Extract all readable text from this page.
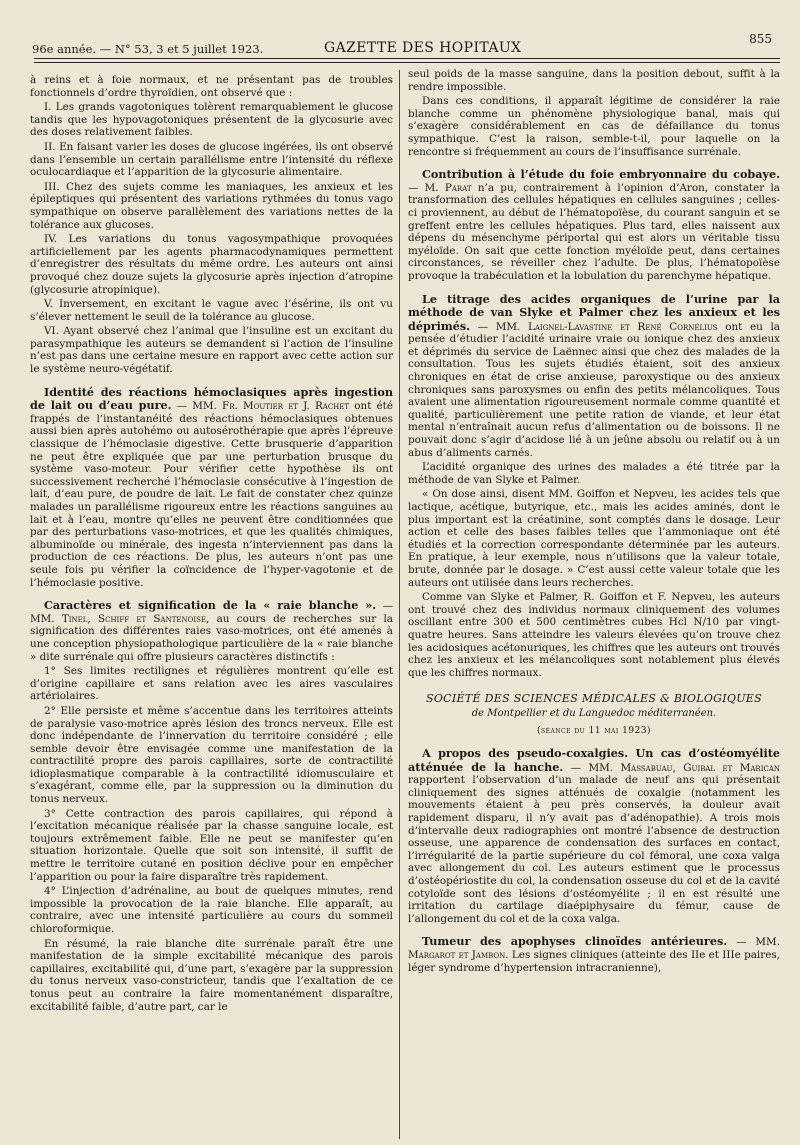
96e année. — N° 53, 3 et 5 juillet 1923.	GAZETTE DES HOPITAUX
855

à reins et à foie normaux, et ne présentant pas de troubles fonctionnels d’ordre thyroïdien, ont observé que :

I. Les grands vagotoniques tolèrent remarquablement le glucose tandis que les hypovagotoniques présentent de la glycosurie avec des doses relativement faibles.

II. En faisant varier les doses de glucose ingérées, ils ont observé dans l’ensemble un certain parallélisme entre l’intensité du réflexe oculocardiaque et l’apparition de la glycosurie alimentaire.

III. Chez des sujets comme les maniaques, les anxieux et les épileptiques qui présentent des variations rythmées du tonus vago sympathique on observe parallèlement des variations nettes de la tolérance aux glucoses.

IV. Les variations du tonus vagosympathique provoquées artificiellement par les agents pharmacodynamiques permettent d’enregistrer des résultats du même ordre. Les auteurs ont ainsi provoqué chez douze sujets la glycosurie après injection d’atropine (glycosurie atropinique).

V. Inversement, en excitant le vague avec l’ésérine, ils ont vu s’élever nettement le seuil de la tolérance au glucose.

VI. Ayant observé chez l’animal que l’insuline est un excitant du parasympathique les auteurs se demandent si l’action de l’insuline n’est pas dans une certaine mesure en rapport avec cette action sur le système neuro-végétatif.

Identité des réactions hémoclasiques après ingestion de lait ou d’eau pure. — MM. Fr. Moutier et J. Rachet ont été frappés de l’instantanéité des réactions hémoclasiques obtenues aussi bien après autohémo ou autosérothérapie que après l’épreuve classique de l’hémoclasie digestive. Cette brusquerie d’apparition ne peut être expliquée que par une perturbation brusque du système vaso-moteur. Pour vérifier cette hypothèse ils ont successivement recherché l’hémoclasie consécutive à l’ingestion de lait, d’eau pure, de poudre de lait. Le fait de constater chez quinze malades un parallélisme rigoureux entre les réactions sanguines au lait et à l’eau, montre qu’elles ne peuvent être conditionnées que par des perturbations vaso-motrices, et que les qualités chimiques, albuminoïde ou minérale, des ingesta n’interviennent pas dans la production de ces réactions. De plus, les auteurs n’ont pas une seule fois pu vérifier la coïncidence de l’hyper-vagotonie et de l’hémoclasie positive.

Caractères et signification de la « raie blanche ». — MM. Tinel, Schiff et Santenoise, au cours de recherches sur la signification des différentes raies vaso-motrices, ont été amenés à une conception physiopathologique particulière de la « raie blanche » dite surrénale qui offre plusieurs caractères distinctifs :

1° Ses limites rectilignes et régulières montrent qu’elle est d’origine capillaire et sans relation avec les aires vasculaires artériolaires.

2° Elle persiste et même s’accentue dans les territoires atteints de paralysie vaso-motrice après lésion des troncs nerveux. Elle est donc indépendante de l’innervation du territoire considéré ; elle semble devoir être envisagée comme une manifestation de la contractilité propre des parois capillaires, sorte de contractilité idioplasmatique comparable à la contractilité idiomusculaire et s’exagérant, comme elle, par la suppression ou la diminution du tonus nerveux.

3° Cette contraction des parois capillaires, qui répond à l’excitation mécanique réalisée par la chasse sanguine locale, est toujours extrêmement faible. Elle ne peut se manifester qu’en situation horizontale. Quelle que soit son intensité, il suffit de mettre le territoire cutané en position déclive pour en empêcher l’apparition ou pour la faire disparaître très rapidement.

4° L’injection d’adrénaline, au bout de quelques minutes, rend impossible la provocation de la raie blanche. Elle apparaît, au contraire, avec une intensité particulière au cours du sommeil chloroformique.

En résumé, la raie blanche dite surrénale paraît être une manifestation de la simple excitabilité mécanique des parois capillaires, excitabilité qui, d’une part, s’exagère par la suppression du tonus nerveux vaso-constricteur, tandis que l’exaltation de ce tonus peut au contraire la faire momentanément disparaître, excitabilité faible, d’autre part, car le

seul poids de la masse sanguine, dans la position debout, suffit à la rendre impossible.

Dans ces conditions, il apparaît légitime de considérer la raie blanche comme un phénomène physiologique banal, mais qui s’exagère considérablement en cas de défaillance du tonus sympathique. C’est la raison, semble-t-il, pour laquelle on la rencontre si fréquemment au cours de l’insuffisance surrénale.

Contribution à l’étude du foie embryonnaire du cobaye. — M. Parat n’a pu, contrairement à l’opinion d’Aron, constater la transformation des cellules hépatiques en cellules sanguines ; celles-ci proviennent, au début de l’hématopoïèse, du courant sanguin et se greffent entre les cellules hépatiques. Plus tard, elles naissent aux dépens du mésenchyme périportal qui est alors un véritable tissu myéloïde. On sait que cette fonction myéloïde peut, dans certaines circonstances, se réveiller chez l’adulte. De plus, l’hématopoïèse provoque la trabéculation et la lobulation du parenchyme hépatique.

Le titrage des acides organiques de l’urine par la méthode de van Slyke et Palmer chez les anxieux et les déprimés. — MM. Laignel-Lavastine et René Cornélius ont eu la pensée d’étudier l’acidité urinaire vraie ou ionique chez des anxieux et déprimés du service de Laënnec ainsi que chez des malades de la consultation. Tous les sujets étudiés étaient, soit des anxieux chroniques en état de crise anxieuse, paroxystique ou des anxieux chroniques sans paroxysmes ou enfin des petits mélancoliques. Tous avaient une alimentation rigoureusement normale comme quantité et qualité, particulièrement une petite ration de viande, et leur état mental n’entraînait aucun refus d’alimentation ou de boissons. Il ne pouvait donc s’agir d’acidose lié à un jeûne absolu ou relatif ou à un abus d’aliments carnés.

L’acidité organique des urines des malades a été titrée par la méthode de van Slyke et Palmer.

« On dose ainsi, disent MM. Goiffon et Nepveu, les acides tels que lactique, acétique, butyrique, etc., mais les acides aminés, dont le plus important est la créatinine, sont comptés dans le dosage. Leur action et celle des bases faibles telles que l’ammoniaque ont été étudiés et la correction correspondante déterminée par les auteurs. En pratique, à leur exemple, nous n’utilisons que la valeur totale, brute, donnée par le dosage. » C’est aussi cette valeur totale que les auteurs ont utilisée dans leurs recherches.

Comme van Slyke et Palmer, R. Goiffon et F. Nepveu, les auteurs ont trouvé chez des individus normaux cliniquement des volumes oscillant entre 300 et 500 centimètres cubes Hcl N/10 par vingt-quatre heures. Sans atteindre les valeurs élevées qu’on trouve chez les acidosiques acétonuriques, les chiffres que les auteurs ont trouvés chez les anxieux et les mélancoliques sont notablement plus élevés que les chiffres normaux.

SOCIÉTÉ DES SCIENCES MÉDICALES & BIOLOGIQUES

de Montpellier et du Languedoc méditerranéen.

(séance du 11 mai 1923)

A propos des pseudo-coxalgies. Un cas d’ostéomyélite atténuée de la hanche. — MM. Massabuau, Guibal et Marican rapportent l’observation d’un malade de neuf ans qui présentait cliniquement des signes atténués de coxalgie (notamment les mouvements étaient à peu près conservés, la douleur avait rapidement disparu, il n’y avait pas d’adénopathie). A trois mois d’intervalle deux radiographies ont montré l’absence de destruction osseuse, une apparence de condensation des surfaces en contact, l’irrégularité de la partie supérieure du col fémoral, une coxa valga avec allongement du col. Les auteurs estiment que le processus d’ostéopériostite du col, la condensation osseuse du col et de la cavité cotyloïde sont des lésions d’ostéomyélite ; il en est résulté une irritation du cartilage diaépiphysaire du fémur, cause de l’allongement du col et de la coxa valga.

Tumeur des apophyses clinoïdes antérieures. — MM. Margarot et Jambon. Les signes cliniques (atteinte des IIe et IIIe paires, léger syndrome d’hypertension intracranienne),
